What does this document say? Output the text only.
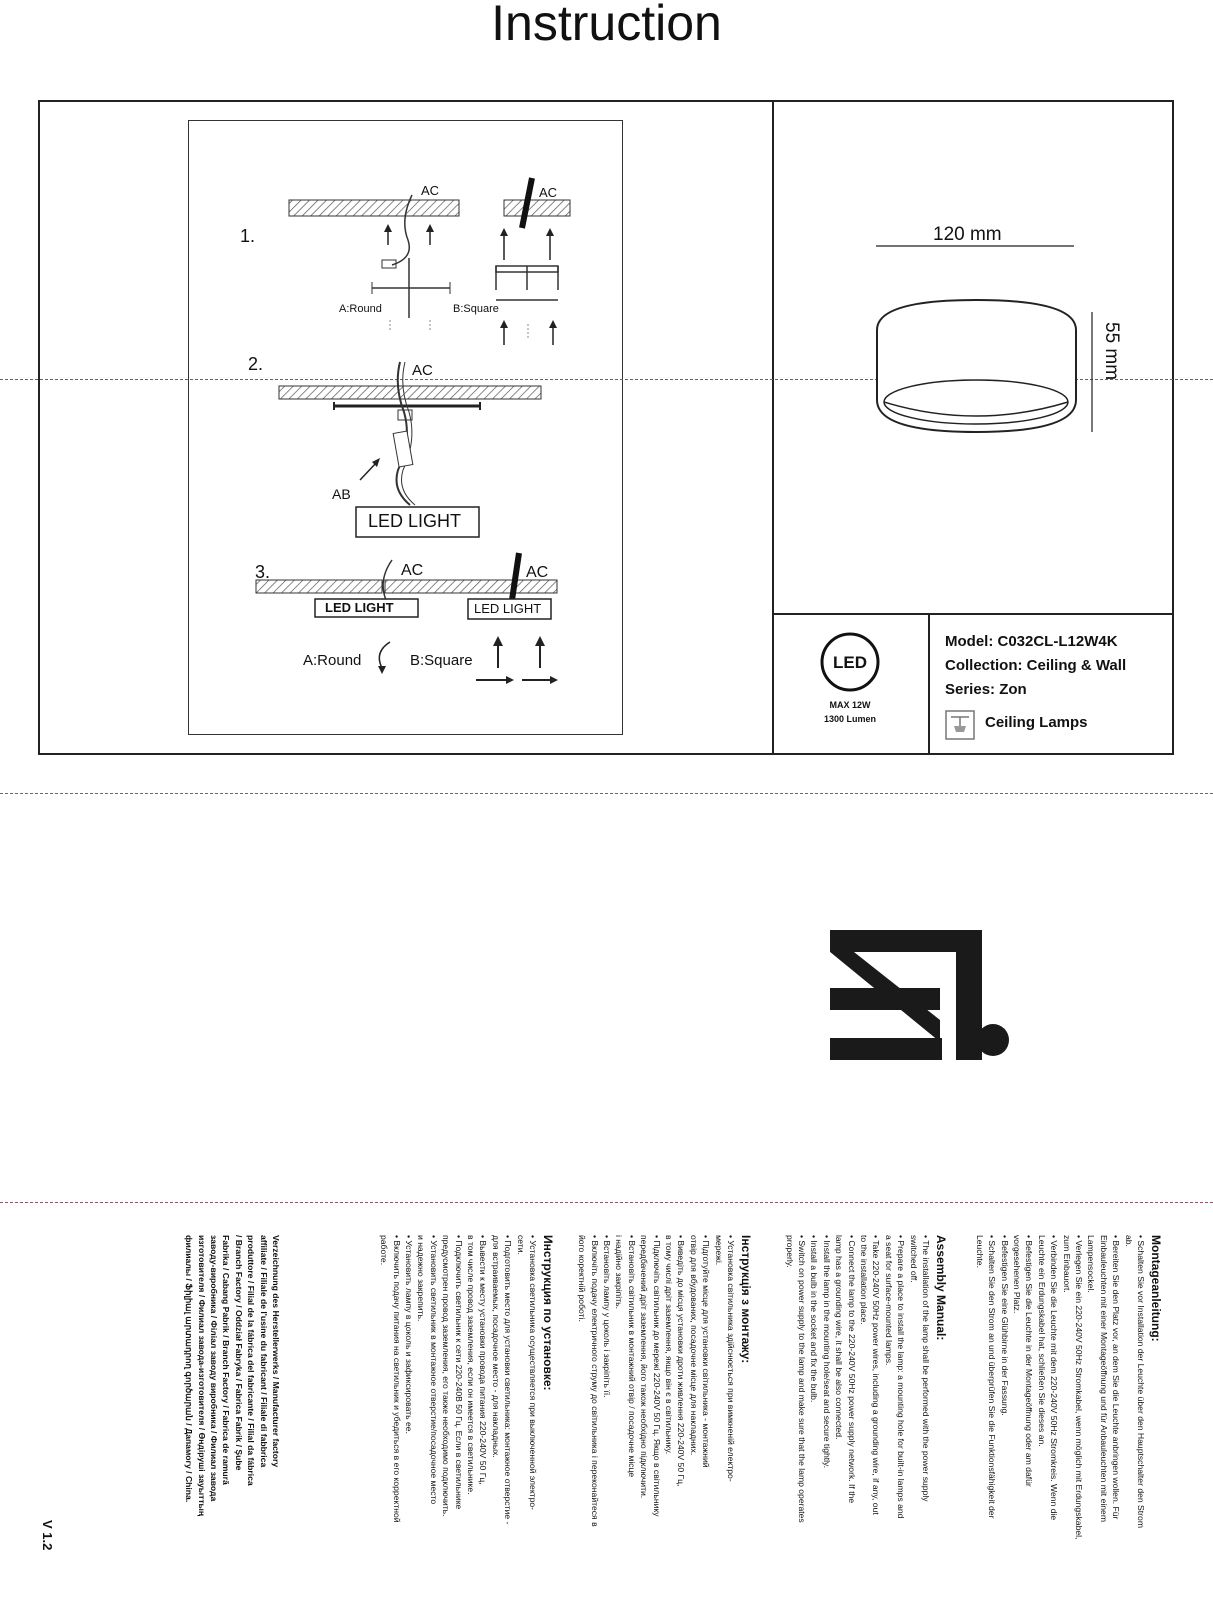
Instruction
1.
2.
3.
AC	AC
A:Round	B:Square
AC
AB
LED LIGHT
AC	AC
LED LIGHT	LED LIGHT
A:Round	B:Square
120 mm
55 mm
LED
MAX 12W
1300 Lumen
Model: C032CL-L12W4K
Collection: Ceiling & Wall
Series: Zon
Ceiling Lamps

Montageanleitung:

• Schalten Sie vor Installation der Leuchte über den Hauptschalter den Strom

ab.

• Bereiten Sie den Platz vor, an dem Sie die Leuchte anbringen wollen. Für

Einbauleuchten mit einer Montageöffnung und für Anbauleuchten mit einem

Lampensockel.

• Verlegen Sie ein 220-240V 50Hz Stromkabel, wenn möglich mit Erdungskabel,

zum Einbauort.

• Verbinden Sie die Leuchte mit dem 220-240V 50Hz Stromkreis. Wenn die

Leuchte ein Erdungskabel hat, schließen Sie dieses an.

• Befestigen Sie die Leuchte in der Montageöffnung oder am dafür

vorgesehenen Platz.

• Befestigen Sie eine Glühbirne in der Fassung.

• Schalten Sie den Strom an und überprüfen Sie die Funktionsfähigkeit der

Leuchte.

Assembly Manual:

• The installation of the lamp shall be performed with the power supply

switched off.

• Prepare a place to install the lamp: a mounting hole for built-in lamps and

a seat for surface-mounted lamps.

• Take 220-240V 50Hz power wires, including a grounding wire, if any, out

to the installation place.

• Connect the lamp to the 220-240V 50Hz power supply network. If the

lamp has a grounding wire, it shall be also connected.

• Install the lamp in the mounting hole/seat and secure tightly.

• Install a bulb in the socket and fix the bulb.

• Switch on power supply to the lamp and make sure that the lamp operates

properly.

Інструкція з монтажу:

• Установка світильника здійснюється при вимкненій електро-

мережі.

• Підготуйте місце для установки світильника - монтажний

отвір для вбудованих, посадочне місце для накладних.

• Виведіть до місця установки дроти живлення 220-240V 50 Гц,

в тому числі дріт заземлення, якщо він є в світильнику.

• Підключіть світильник до мережі 220-240V 50 Гц. Якщо в світильнику

передбачений дріт заземлення, його також необхідно підключити.

• Встановіть світильник в монтажний отвір / посадочне місце

і надійно закріпіть.

• Встановіть лампу у цоколь і закріпіть її.

• Включіть подачу електричного струму до світильника і переконайтеся в

його коректній роботі.

Инструкция по установке:

• Установка светильника осуществляется при выключенной электро-

сети.

• Подготовить место для установки светильника: монтажное отверстие -

для встраиваемых, посадочное место - для накладных.

• Вывести к месту установки провода питания 220-240V 50 Гц,

в том числе провод заземления, если он имеется в светильнике.

• Подключить светильник к сети 220-240В 50 Гц. Если в светильнике

предусмотрен провод заземления, его также необходимо подключить.

• Установить светильник в монтажное отверстие/посадочное место

и надежно закрепить.

• Установить лампу в цоколь и зафиксировать ее.

• Включить подачу питания на светильник и убедиться в его корректной

работе.

Verzeichnung des Herstellerwerks / Manufacturer factory

affiliate / Filiale de l'usine du fabricant / Filiale di fabbrica

produttore / Filial de la fábrica del fabricante / Filial da fábrica

/ Branch Factory / Oddział Fabryka / Fabrica Fabrik / Şube

Fabrika / Cabang Pabrik / Branch Factory / Fabrica de ramură

заводу-виробника / Філіал заводу виробника / Филиал завода

изготовителя / Филиал завода-изготовителя / Өндіруші зауыттың

филиалы / Ֆիլիալ արտադրող գործարան / Дапамогу / China.

V 1.2
